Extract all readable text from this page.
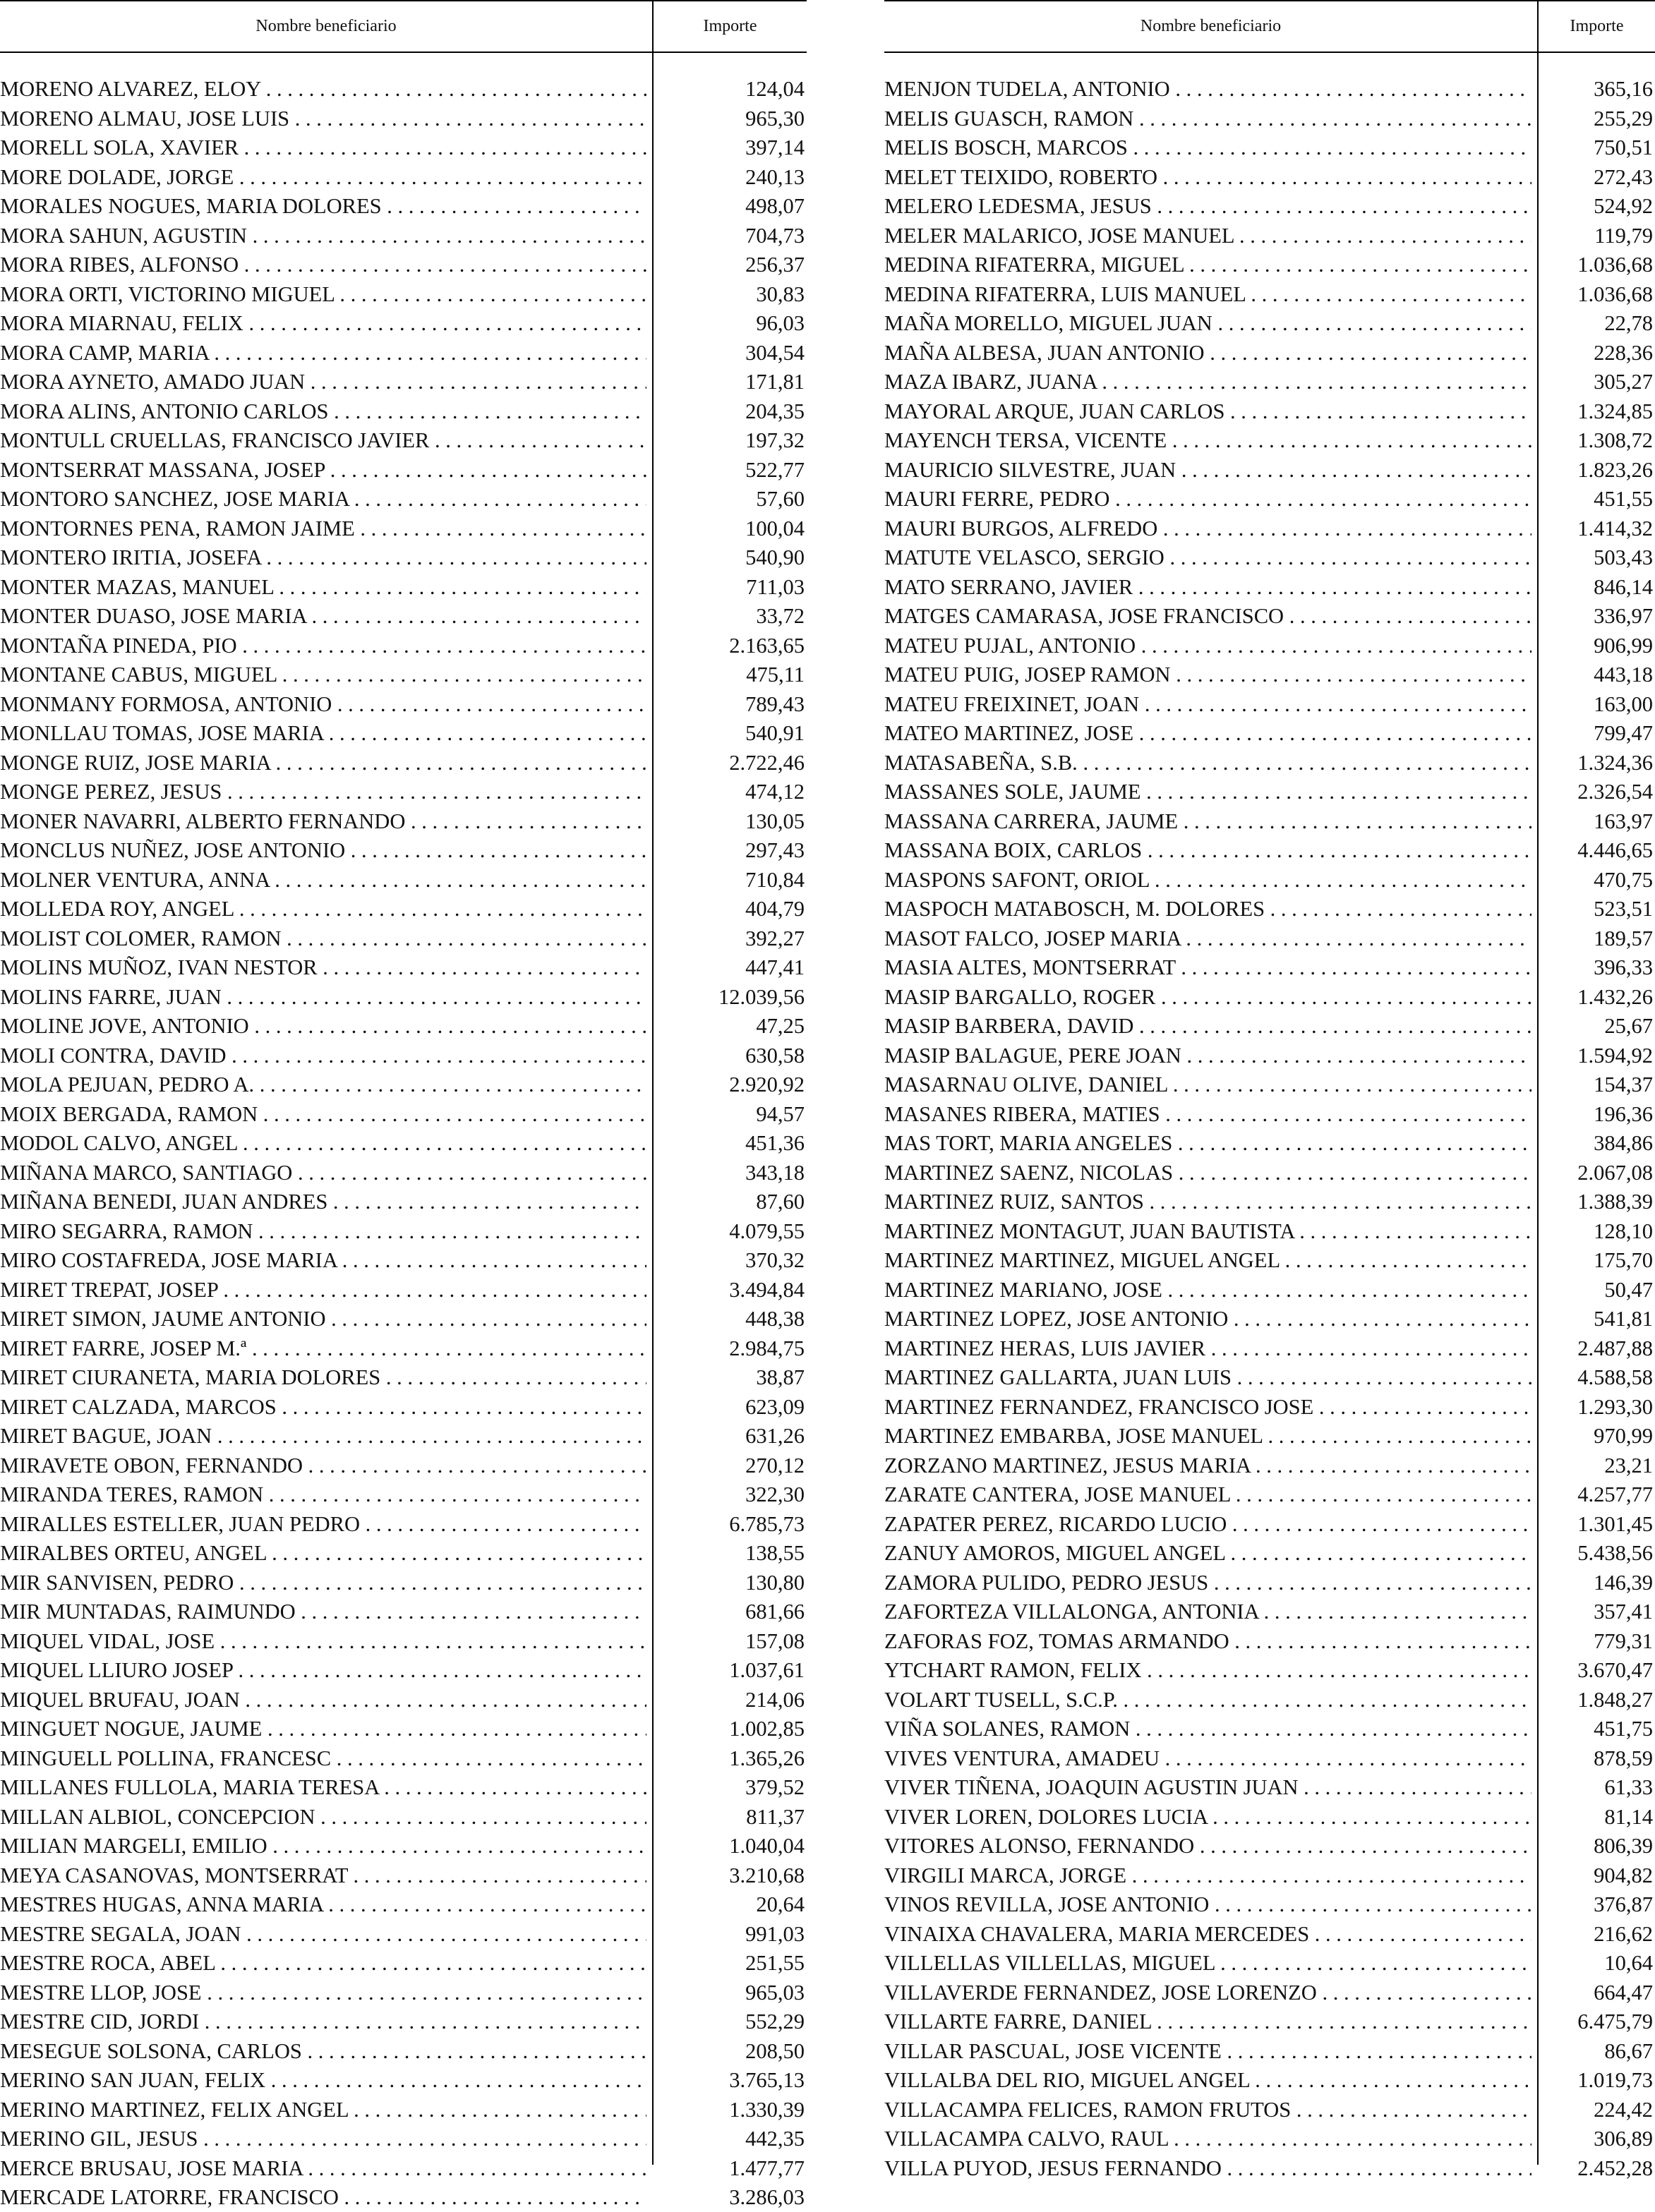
Nombre beneficiario	Importe
MORENO ALVAREZ, ELOY . . .	124,04
MORENO ALMAU, JOSE LUIS . . .	965,30
MORELL SOLA, XAVIER . . .	397,14
MORE DOLADE, JORGE . . .	240,13
MORALES NOGUES, MARIA DOLORES . . .	498,07
MORA SAHUN, AGUSTIN . . .	704,73
MORA RIBES, ALFONSO . . .	256,37
MORA ORTI, VICTORINO MIGUEL . . .	30,83
MORA MIARNAU, FELIX . . .	96,03
MORA CAMP, MARIA . . .	304,54
MORA AYNETO, AMADO JUAN . . .	171,81
MORA ALINS, ANTONIO CARLOS . . .	204,35
MONTULL CRUELLAS, FRANCISCO JAVIER . . .	197,32
MONTSERRAT MASSANA, JOSEP . . .	522,77
MONTORO SANCHEZ, JOSE MARIA . . .	57,60
MONTORNES PENA, RAMON JAIME . . .	100,04
MONTERO IRITIA, JOSEFA . . .	540,90
MONTER MAZAS, MANUEL . . .	711,03
MONTER DUASO, JOSE MARIA . . .	33,72
MONTAÑA PINEDA, PIO . . .	2.163,65
MONTANE CABUS, MIGUEL . . .	475,11
MONMANY FORMOSA, ANTONIO . . .	789,43
MONLLAU TOMAS, JOSE MARIA . . .	540,91
MONGE RUIZ, JOSE MARIA . . .	2.722,46
MONGE PEREZ, JESUS . . .	474,12
MONER NAVARRI, ALBERTO FERNANDO . . .	130,05
MONCLUS NUÑEZ, JOSE ANTONIO . . .	297,43
MOLNER VENTURA, ANNA . . .	710,84
MOLLEDA ROY, ANGEL . . .	404,79
MOLIST COLOMER, RAMON . . .	392,27
MOLINS MUÑOZ, IVAN NESTOR . . .	447,41
MOLINS FARRE, JUAN . . .	12.039,56
MOLINE JOVE, ANTONIO . . .	47,25
MOLI CONTRA, DAVID . . .	630,58
MOLA PEJUAN, PEDRO A. . . .	2.920,92
MOIX BERGADA, RAMON . . .	94,57
MODOL CALVO, ANGEL . . .	451,36
MIÑANA MARCO, SANTIAGO . . .	343,18
MIÑANA BENEDI, JUAN ANDRES . . .	87,60
MIRO SEGARRA, RAMON . . .	4.079,55
MIRO COSTAFREDA, JOSE MARIA . . .	370,32
MIRET TREPAT, JOSEP . . .	3.494,84
MIRET SIMON, JAUME ANTONIO . . .	448,38
MIRET FARRE, JOSEP M.ª . . .	2.984,75
MIRET CIURANETA, MARIA DOLORES . . .	38,87
MIRET CALZADA, MARCOS . . .	623,09
MIRET BAGUE, JOAN . . .	631,26
MIRAVETE OBON, FERNANDO . . .	270,12
MIRANDA TERES, RAMON . . .	322,30
MIRALLES ESTELLER, JUAN PEDRO . . .	6.785,73
MIRALBES ORTEU, ANGEL . . .	138,55
MIR SANVISEN, PEDRO . . .	130,80
MIR MUNTADAS, RAIMUNDO . . .	681,66
MIQUEL VIDAL, JOSE . . .	157,08
MIQUEL LLIURO JOSEP . . .	1.037,61
MIQUEL BRUFAU, JOAN . . .	214,06
MINGUET NOGUE, JAUME . . .	1.002,85
MINGUELL POLLINA, FRANCESC . . .	1.365,26
MILLANES FULLOLA, MARIA TERESA . . .	379,52
MILLAN ALBIOL, CONCEPCION . . .	811,37
MILIAN MARGELI, EMILIO . . .	1.040,04
MEYA CASANOVAS, MONTSERRAT . . .	3.210,68
MESTRES HUGAS, ANNA MARIA . . .	20,64
MESTRE SEGALA, JOAN . . .	991,03
MESTRE ROCA, ABEL . . .	251,55
MESTRE LLOP, JOSE . . .	965,03
MESTRE CID, JORDI . . .	552,29
MESEGUE SOLSONA, CARLOS . . .	208,50
MERINO SAN JUAN, FELIX . . .	3.765,13
MERINO MARTINEZ, FELIX ANGEL . . .	1.330,39
MERINO GIL, JESUS . . .	442,35
MERCE BRUSAU, JOSE MARIA . . .	1.477,77
MERCADE LATORRE, FRANCISCO . . .	3.286,03
Nombre beneficiario	Importe
MENJON TUDELA, ANTONIO . . .	365,16
MELIS GUASCH, RAMON . . .	255,29
MELIS BOSCH, MARCOS . . .	750,51
MELET TEIXIDO, ROBERTO . . .	272,43
MELERO LEDESMA, JESUS . . .	524,92
MELER MALARICO, JOSE MANUEL . . .	119,79
MEDINA RIFATERRA, MIGUEL . . .	1.036,68
MEDINA RIFATERRA, LUIS MANUEL . . .	1.036,68
MAÑA MORELLO, MIGUEL JUAN . . .	22,78
MAÑA ALBESA, JUAN ANTONIO . . .	228,36
MAZA IBARZ, JUANA . . .	305,27
MAYORAL ARQUE, JUAN CARLOS . . .	1.324,85
MAYENCH TERSA, VICENTE . . .	1.308,72
MAURICIO SILVESTRE, JUAN . . .	1.823,26
MAURI FERRE, PEDRO . . .	451,55
MAURI BURGOS, ALFREDO . . .	1.414,32
MATUTE VELASCO, SERGIO . . .	503,43
MATO SERRANO, JAVIER . . .	846,14
MATGES CAMARASA, JOSE FRANCISCO . . .	336,97
MATEU PUJAL, ANTONIO . . .	906,99
MATEU PUIG, JOSEP RAMON . . .	443,18
MATEU FREIXINET, JOAN . . .	163,00
MATEO MARTINEZ, JOSE . . .	799,47
MATASABEÑA, S.B. . . .	1.324,36
MASSANES SOLE, JAUME . . .	2.326,54
MASSANA CARRERA, JAUME . . .	163,97
MASSANA BOIX, CARLOS . . .	4.446,65
MASPONS SAFONT, ORIOL . . .	470,75
MASPOCH MATABOSCH, M. DOLORES . . .	523,51
MASOT FALCO, JOSEP MARIA . . .	189,57
MASIA ALTES, MONTSERRAT . . .	396,33
MASIP BARGALLO, ROGER . . .	1.432,26
MASIP BARBERA, DAVID . . .	25,67
MASIP BALAGUE, PERE JOAN . . .	1.594,92
MASARNAU OLIVE, DANIEL . . .	154,37
MASANES RIBERA, MATIES . . .	196,36
MAS TORT, MARIA ANGELES . . .	384,86
MARTINEZ SAENZ, NICOLAS . . .	2.067,08
MARTINEZ RUIZ, SANTOS . . .	1.388,39
MARTINEZ MONTAGUT, JUAN BAUTISTA . . .	128,10
MARTINEZ MARTINEZ, MIGUEL ANGEL . . .	175,70
MARTINEZ MARIANO, JOSE . . .	50,47
MARTINEZ LOPEZ, JOSE ANTONIO . . .	541,81
MARTINEZ HERAS, LUIS JAVIER . . .	2.487,88
MARTINEZ GALLARTA, JUAN LUIS . . .	4.588,58
MARTINEZ FERNANDEZ, FRANCISCO JOSE . . .	1.293,30
MARTINEZ EMBARBA, JOSE MANUEL . . .	970,99
ZORZANO MARTINEZ, JESUS MARIA . . .	23,21
ZARATE CANTERA, JOSE MANUEL . . .	4.257,77
ZAPATER PEREZ, RICARDO LUCIO . . .	1.301,45
ZANUY AMOROS, MIGUEL ANGEL . . .	5.438,56
ZAMORA PULIDO, PEDRO JESUS . . .	146,39
ZAFORTEZA VILLALONGA, ANTONIA . . .	357,41
ZAFORAS FOZ, TOMAS ARMANDO . . .	779,31
YTCHART RAMON, FELIX . . .	3.670,47
VOLART TUSELL, S.C.P. . . .	1.848,27
VIÑA SOLANES, RAMON . . .	451,75
VIVES VENTURA, AMADEU . . .	878,59
VIVER TIÑENA, JOAQUIN AGUSTIN JUAN . . .	61,33
VIVER LOREN, DOLORES LUCIA . . .	81,14
VITORES ALONSO, FERNANDO . . .	806,39
VIRGILI MARCA, JORGE . . .	904,82
VINOS REVILLA, JOSE ANTONIO . . .	376,87
VINAIXA CHAVALERA, MARIA MERCEDES . . .	216,62
VILLELLAS VILLELLAS, MIGUEL . . .	10,64
VILLAVERDE FERNANDEZ, JOSE LORENZO . . .	664,47
VILLARTE FARRE, DANIEL . . .	6.475,79
VILLAR PASCUAL, JOSE VICENTE . . .	86,67
VILLALBA DEL RIO, MIGUEL ANGEL . . .	1.019,73
VILLACAMPA FELICES, RAMON FRUTOS . . .	224,42
VILLACAMPA CALVO, RAUL . . .	306,89
VILLA PUYOD, JESUS FERNANDO . . .	2.452,28
